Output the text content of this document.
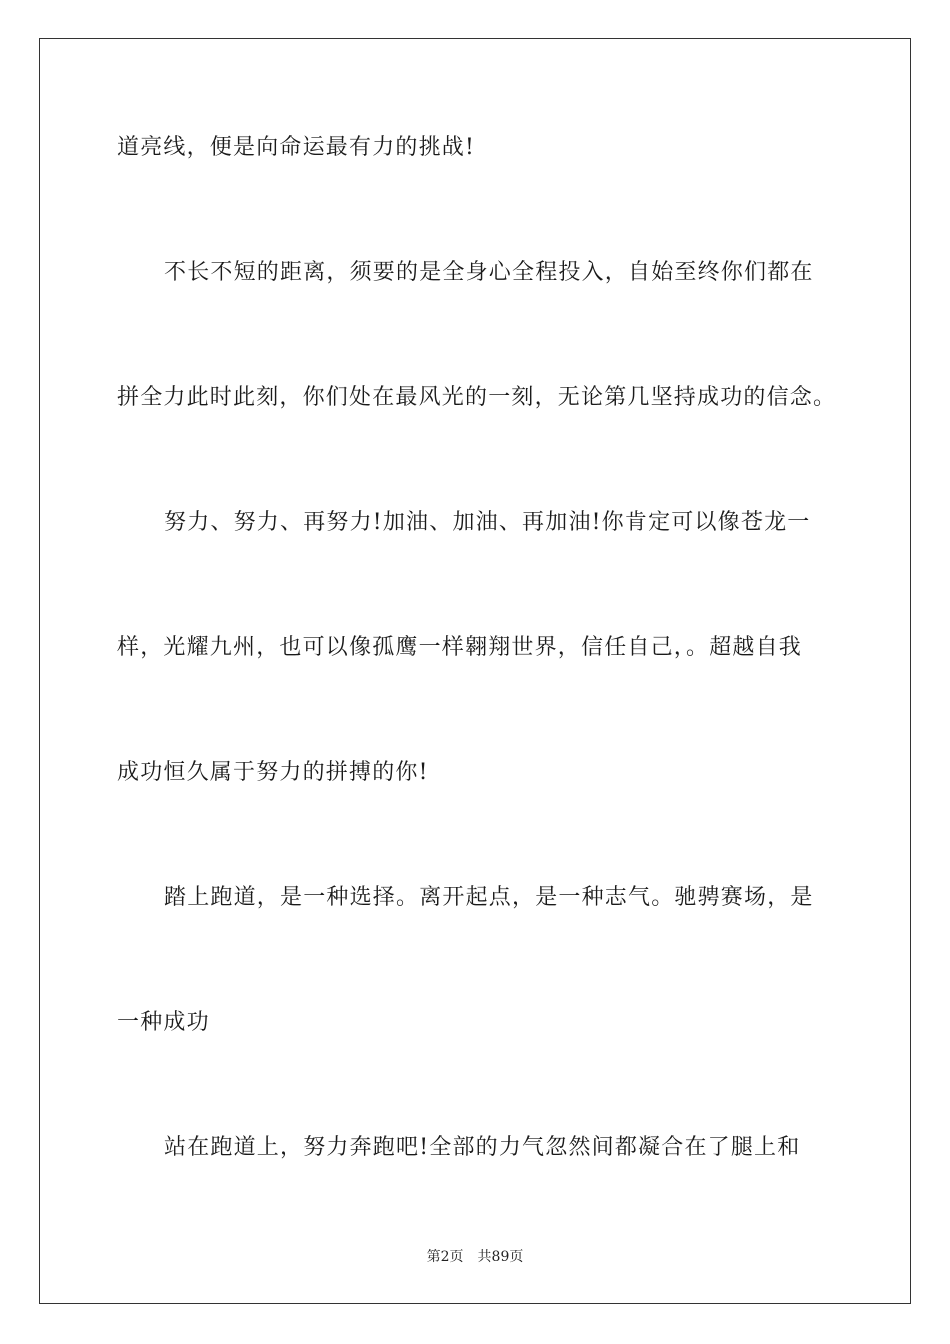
道亮线，便是向命运最有力的挑战!
不长不短的距离，须要的是全身心全程投入，自始至终你们都在
拼全力此时此刻，你们处在最风光的一刻，无论第几坚持成功的信念。
努力、努力、再努力!加油、加油、再加油!你肯定可以像苍龙一
样，光耀九州，也可以像孤鹰一样翱翔世界，信任自己，。超越自我
成功恒久属于努力的拼搏的你!
踏上跑道，是一种选择。离开起点，是一种志气。驰骋赛场，是
一种成功
站在跑道上，努力奔跑吧!全部的力气忽然间都凝合在了腿上和
第2页 共89页
